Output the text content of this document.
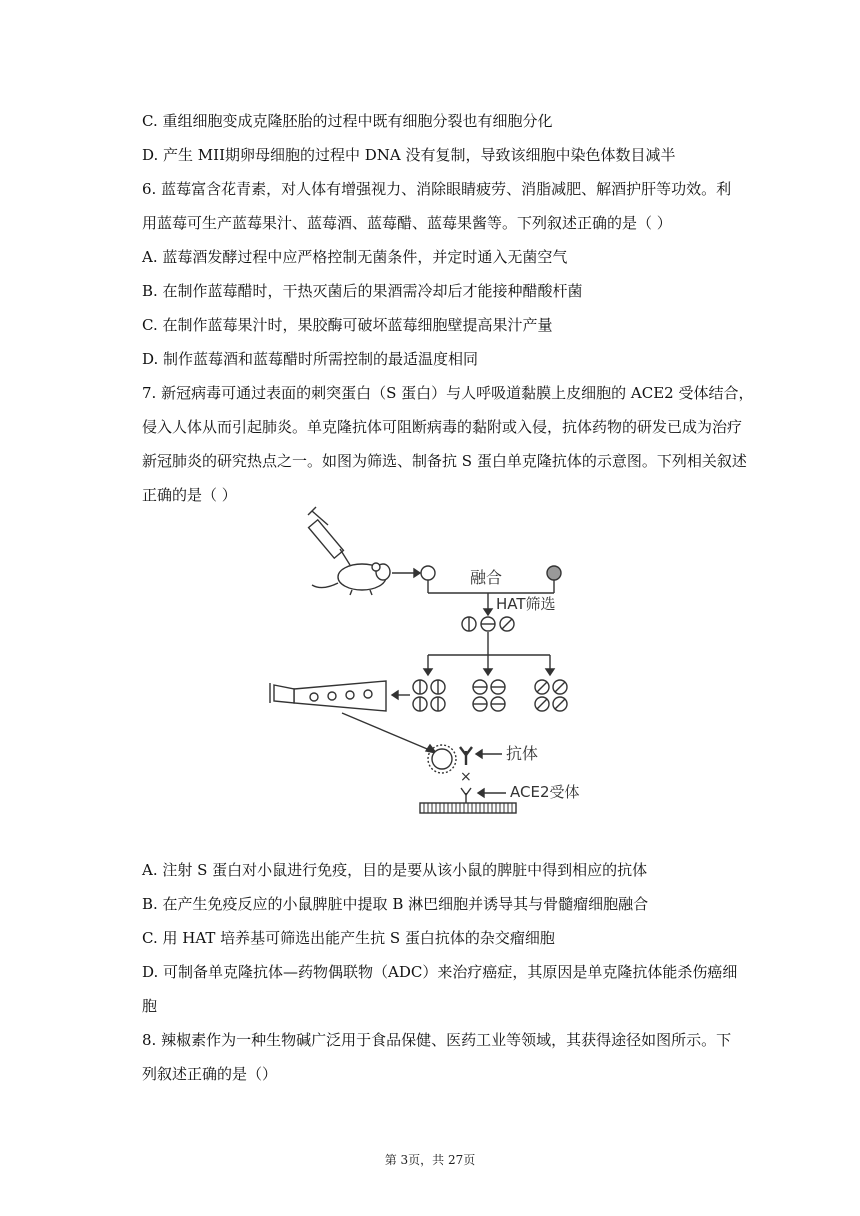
C. 重组细胞变成克隆胚胎的过程中既有细胞分裂也有细胞分化
D. 产生 MII期卵母细胞的过程中 DNA 没有复制，导致该细胞中染色体数目减半
6. 蓝莓富含花青素，对人体有增强视力、消除眼睛疲劳、消脂减肥、解酒护肝等功效。利
用蓝莓可生产蓝莓果汁、蓝莓酒、蓝莓醋、蓝莓果酱等。下列叙述正确的是（ ）
A. 蓝莓酒发酵过程中应严格控制无菌条件，并定时通入无菌空气
B. 在制作蓝莓醋时，干热灭菌后的果酒需冷却后才能接种醋酸杆菌
C. 在制作蓝莓果汁时，果胶酶可破坏蓝莓细胞壁提高果汁产量
D. 制作蓝莓酒和蓝莓醋时所需控制的最适温度相同
7. 新冠病毒可通过表面的刺突蛋白（S 蛋白）与人呼吸道黏膜上皮细胞的 ACE2 受体结合，
侵入人体从而引起肺炎。单克隆抗体可阻断病毒的黏附或入侵，抗体药物的研发已成为治疗
新冠肺炎的研究热点之一。如图为筛选、制备抗 S 蛋白单克隆抗体的示意图。下列相关叙述
正确的是（ ）
融合
HAT筛选
抗体
×
ACE2受体
A. 注射 S 蛋白对小鼠进行免疫，目的是要从该小鼠的脾脏中得到相应的抗体
B. 在产生免疫反应的小鼠脾脏中提取 B 淋巴细胞并诱导其与骨髓瘤细胞融合
C. 用 HAT 培养基可筛选出能产生抗 S 蛋白抗体的杂交瘤细胞
D. 可制备单克隆抗体—药物偶联物（ADC）来治疗癌症，其原因是单克隆抗体能杀伤癌细
胞
8. 辣椒素作为一种生物碱广泛用于食品保健、医药工业等领域，其获得途径如图所示。下
列叙述正确的是（）
第 3页，共 27页
